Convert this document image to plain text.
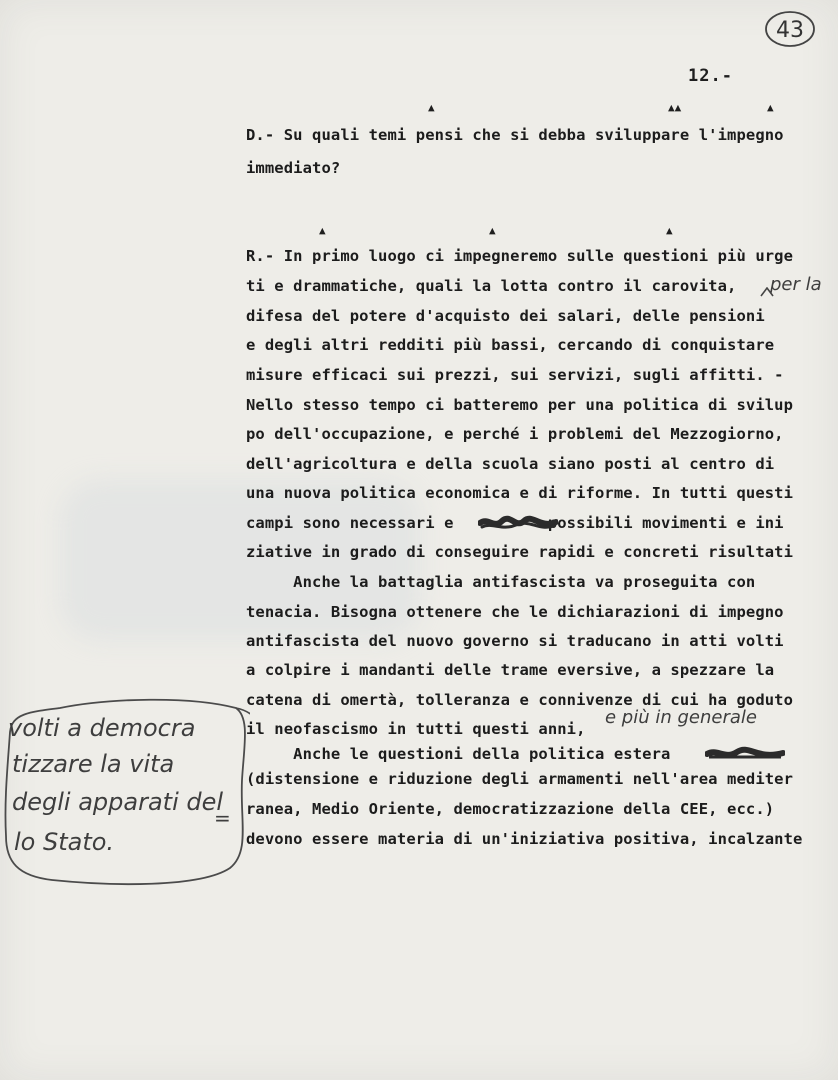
43
12.-
▲	▲▲	▲
D.- Su quali temi pensi che si debba sviluppare l'impegno
immediato?
▲	▲	▲
R.- In primo luogo ci impegneremo sulle questioni più urge
ti e drammatiche, quali la lotta contro il carovita,
difesa del potere d'acquisto dei salari, delle pensioni
e degli altri redditi più bassi, cercando di conquistare
misure efficaci sui prezzi, sui servizi, sugli affitti. -
Nello stesso tempo ci batteremo per una politica di svilup
po dell'occupazione, e perché i problemi del Mezzogiorno,
dell'agricoltura e della scuola siano posti al centro di
una nuova politica economica e di riforme. In tutti questi
campi sono necessari e          possibili movimenti e ini
ziative in grado di conseguire rapidi e concreti risultati
Anche la battaglia antifascista va proseguita con
tenacia. Bisogna ottenere che le dichiarazioni di impegno
antifascista del nuovo governo si traducano in atti volti
a colpire i mandanti delle trame eversive, a spezzare la
catena di omertà, tolleranza e connivenze di cui ha goduto
il neofascismo in tutti questi anni,
Anche le questioni della politica estera
(distensione e riduzione degli armamenti nell'area mediter
ranea, Medio Oriente, democratizzazione della CEE, ecc.)
devono essere materia di un'iniziativa positiva, incalzante
per la
e più in generale
volti a democra
tizzare la vita
degli apparati del
lo Stato.
=
